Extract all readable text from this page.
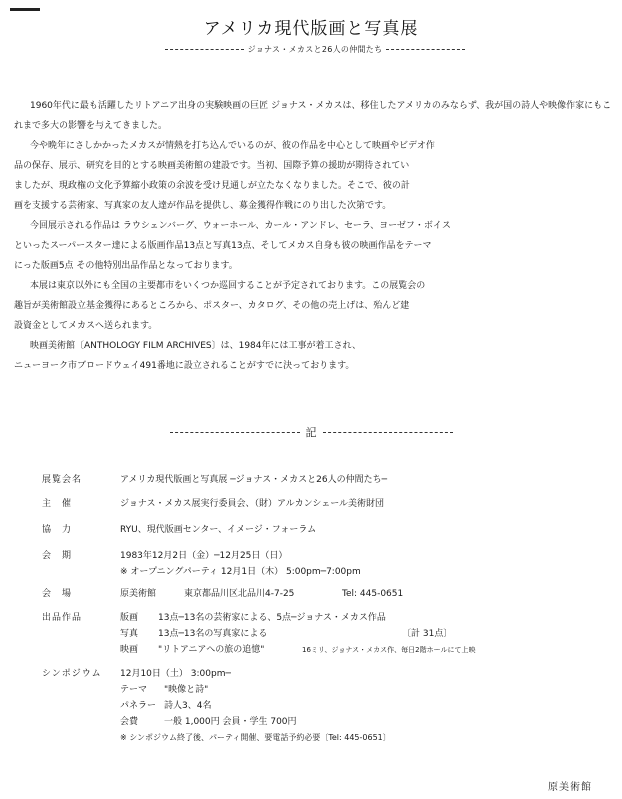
アメリカ現代版画と写真展
ジョナス・メカスと26人の仲間たち

1960年代に最も活躍したリトアニア出身の実験映画の巨匠 ジョナス・メカスは、移住したアメリカのみならず、我が国の詩人や映像作家にもこれまで多大の影響を与えてきました。

今や晩年にさしかかったメカスが情熱を打ち込んでいるのが、彼の作品を中心として映画やビデオ作
品の保存、展示、研究を目的とする映画美術館の建設です。当初、国際予算の援助が期待されてい
ましたが、現政権の文化予算縮小政策の余波を受け見通しが立たなくなりました。そこで、彼の計
画を支援する芸術家、写真家の友人達が作品を提供し、募金獲得作戦にのり出した次第です。

今回展示される作品は ラウシェンバーグ、ウォーホール、カール・アンドレ、セーラ、ヨーゼフ・ボイス
といったスーパースター達による版画作品13点と写真13点、そしてメカス自身も彼の映画作品をテーマ
にった版画5点 その他特別出品作品となっております。

本展は東京以外にも全国の主要都市をいくつか巡回することが予定されております。この展覧会の
趣旨が美術館設立基金獲得にあるところから、ポスター、カタログ、その他の売上げは、殆んど建
設資金としてメカスへ送られます。

映画美術館〔ANTHOLOGY FILM ARCHIVES〕は、1984年には工事が着工され、
ニューヨーク市ブロードウェイ491番地に設立されることがすでに決っております。

記
展覧会名	アメリカ現代版画と写真展 ─ジョナス・メカスと26人の仲間たち─
主　催	ジョナス・メカス展実行委員会、（財）アルカンシェール美術財団
協　力	RYU、現代版画センター、イメージ・フォーラム
会　期	1983年12月2日（金）─12月25日（日）
※ オープニングパーティ 12月1日（木） 5:00pm─7:00pm
会　場	原美術館	東京都品川区北品川4-7-25	Tel: 445-0651
出品作品	版画 13点─13名の芸術家による、5点─ジョナス・メカス作品
写真 13点─13名の写真家による	〔計 31点〕
映画 "リトアニアへの旅の追憶"	16ミリ、ジョナス・メカス作、毎日2階ホールにて上映
シンポジウム	12月10日（土） 3:00pm─
テーマ "映像と詩"
パネラー 詩人3、4名
会費	一般 1,000円 会員・学生 700円
※ シンポジウム終了後、パーティ開催、要電話予約必要〔Tel: 445-0651〕
原美術館
